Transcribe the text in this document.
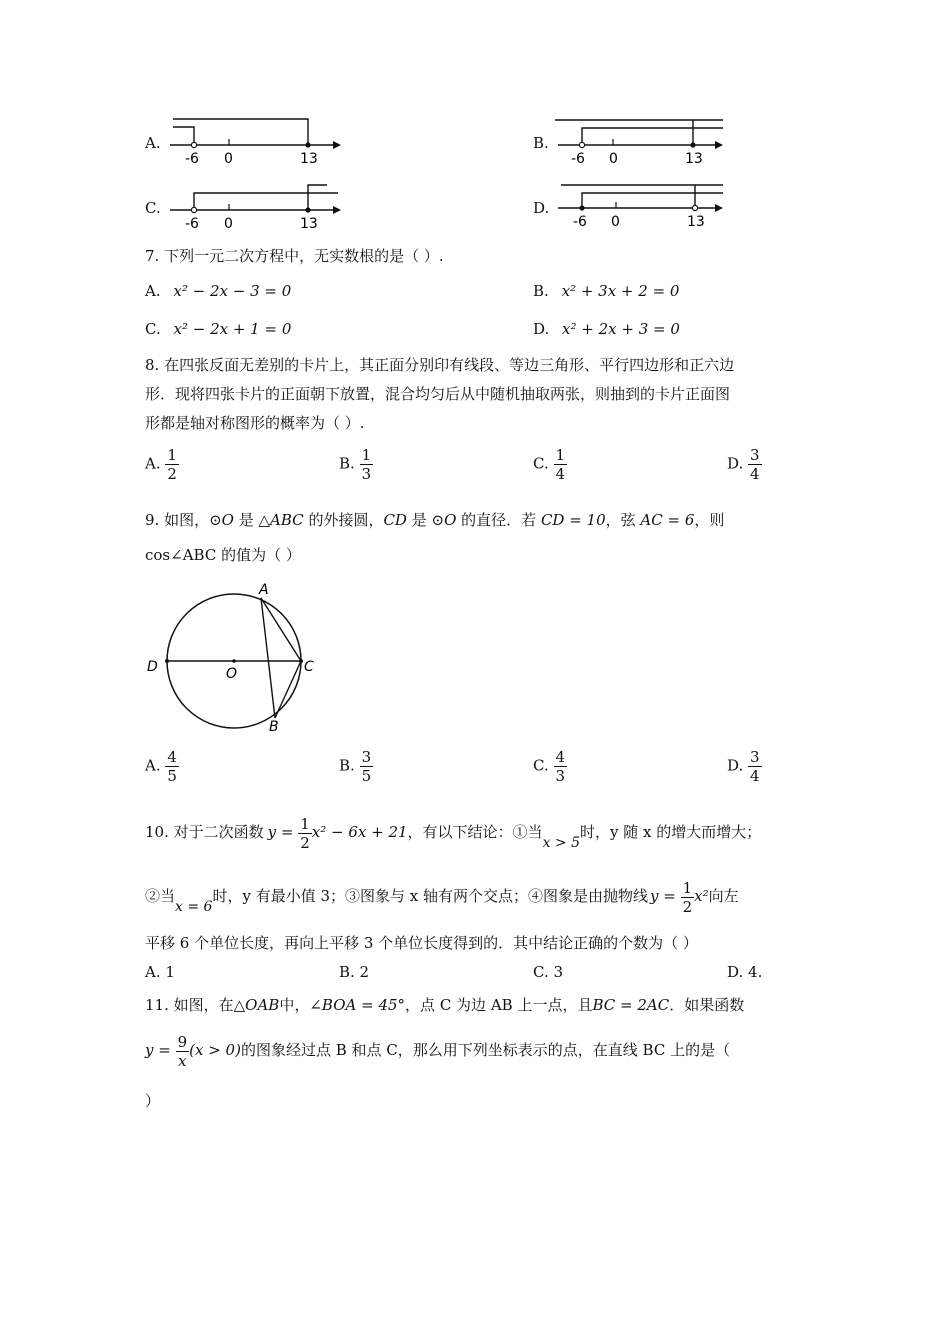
A.
-6 0	13
B.
-6 0	13
C.
-6 0	13
D.
-6 0	13
7. 下列一元二次方程中，无实数根的是（ ）.
A. x² − 2x − 3 = 0	B. x² + 3x + 2 = 0
C. x² − 2x + 1 = 0	D. x² + 2x + 3 = 0
8. 在四张反面无差别的卡片上，其正面分别印有线段、等边三角形、平行四边形和正六边
形．现将四张卡片的正面朝下放置，混合均匀后从中随机抽取两张，则抽到的卡片正面图
形都是轴对称图形的概率为（ ）.
A. $\frac{1}{2}$	B. $\frac{1}{3}$	C. $\frac{1}{4}$	D. $\frac{3}{4}$
9. 如图，⊙O 是 △ABC 的外接圆，CD 是 ⊙O 的直径．若 CD = 10，弦 AC = 6，则
cos∠ABC 的值为（ ）
A
B
C
D	O
A. $\frac{4}{5}$	B. $\frac{3}{5}$	C. $\frac{4}{3}$	D. $\frac{3}{4}$
10. 对于二次函数 $y = \frac{1}{2} x^2 - 6x + 21$，有以下结论：①当x > 5时，y 随 x 的增大而增大；
②当x = 6时，y 有最小值 3；③图象与 x 轴有两个交点；④图象是由抛物线 $y = \frac{1}{2} x^2$向左
平移 6 个单位长度，再向上平移 3 个单位长度得到的．其中结论正确的个数为（ ）
A. 1	B. 2	C. 3	D. 4.
11. 如图，在△OAB中，∠BOA = 45°，点 C 为边 AB 上一点，且BC = 2AC．如果函数
$y = \frac{9}{x} (x > 0)$的图象经过点 B 和点 C，那么用下列坐标表示的点，在直线 BC 上的是（
）
